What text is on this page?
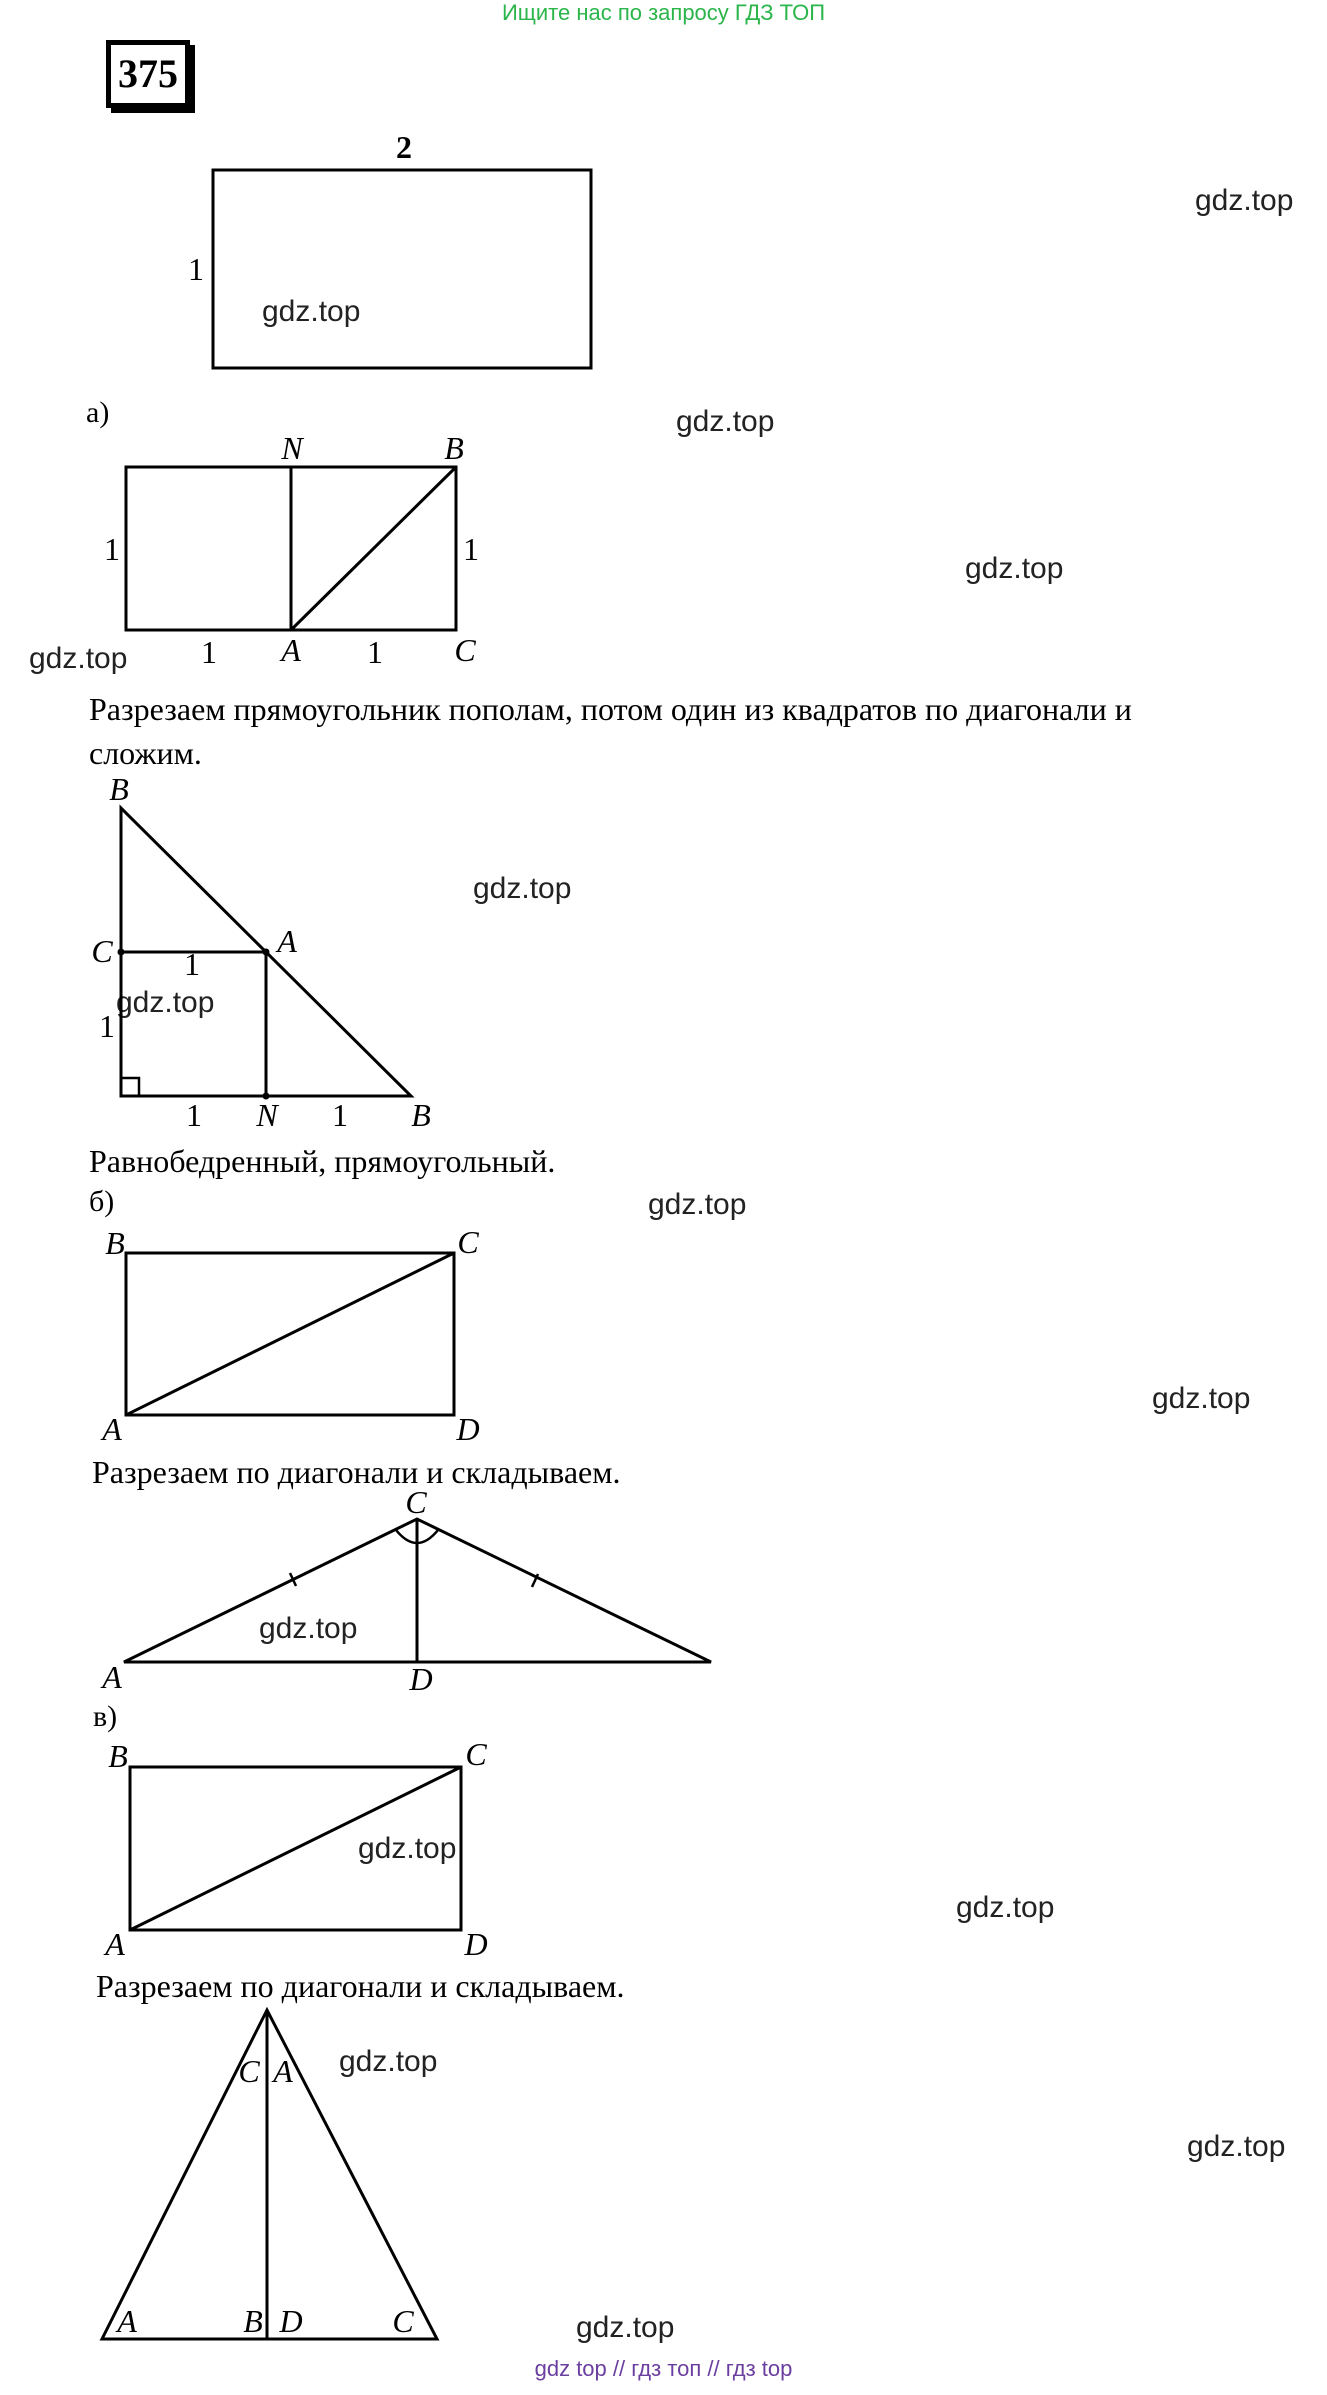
Ищите нас по запросу ГДЗ ТОП
375
gdz.top
gdz.top
gdz.top
gdz.top
gdz.top
gdz.top
gdz.top
gdz.top
gdz.top
gdz.top
gdz.top
gdz.top
gdz.top
gdz.top
gdz.top
2
1
N	B
A	C
1	1
1	1
B
C	A
N	B
1
1
1	1
B	C
A	D
C
A	D
B	C
A	D
C A
A	B D	C
а)
Разрезаем прямоугольник пополам, потом один из квадратов по диагонали и сложим.
Равнобедренный, прямоугольный.
б)
Разрезаем по диагонали и складываем.
в)
Разрезаем по диагонали и складываем.
gdz top // гдз топ // гдз top
